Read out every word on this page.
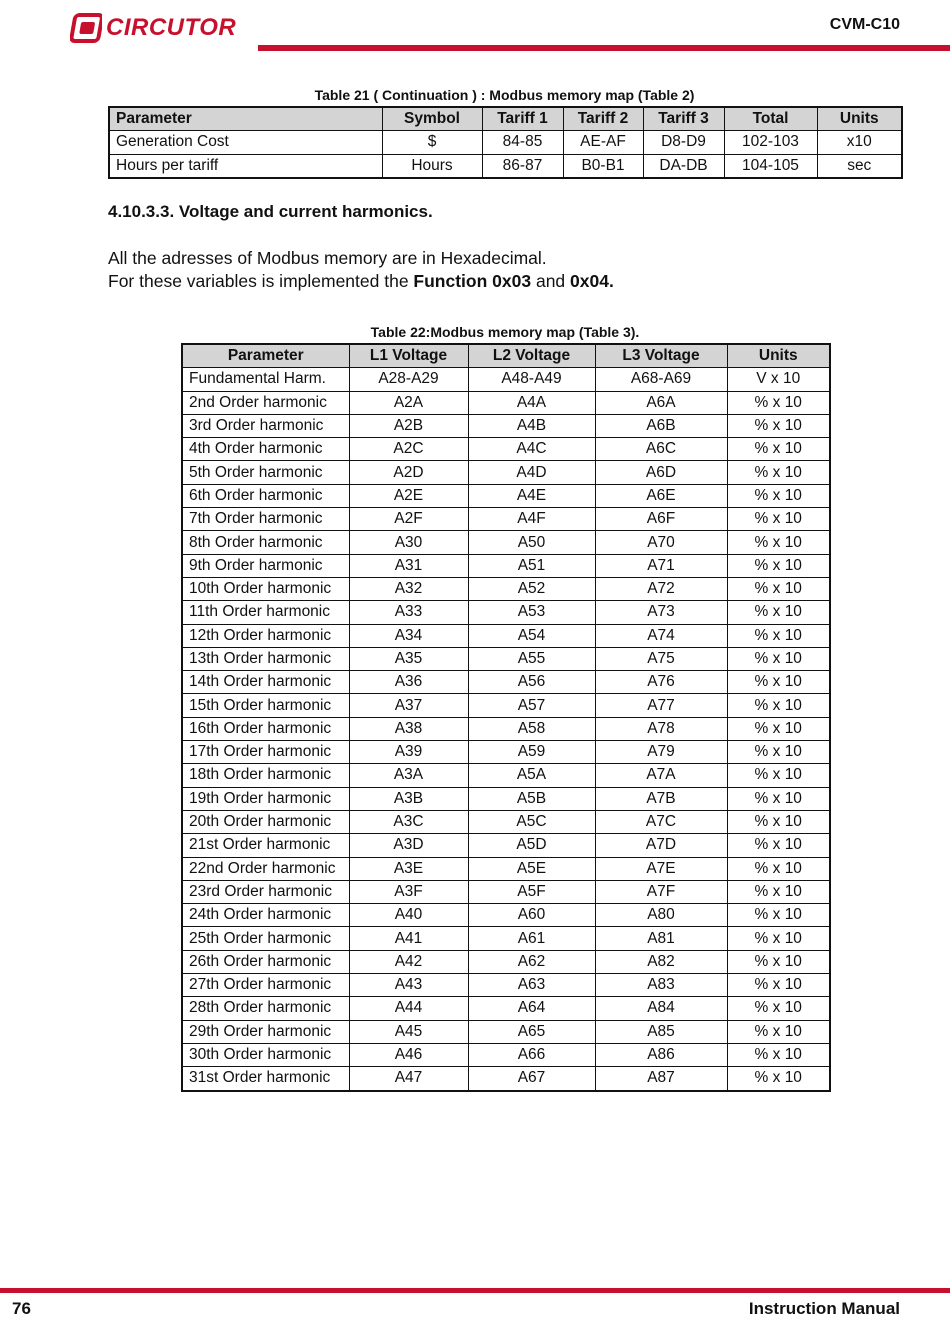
CIRCUTOR	CVM-C10
Table 21 ( Continuation ) : Modbus memory map (Table 2)
Parameter	Symbol	Tariff 1	Tariff 2	Tariff 3	Total	Units
Generation Cost	$	84-85	AE-AF	D8-D9	102-103	x10
Hours per tariff	Hours	86-87	B0-B1	DA-DB	104-105	sec
4.10.3.3. Voltage and current harmonics.
All the adresses of Modbus memory are in Hexadecimal.
For these variables is implemented the Function 0x03 and 0x04.
Table 22:Modbus memory map (Table 3).
Parameter	L1 Voltage	L2 Voltage	L3 Voltage	Units
Fundamental Harm.	A28-A29	A48-A49	A68-A69	V x 10
2nd Order harmonic	A2A	A4A	A6A	% x 10
3rd Order harmonic	A2B	A4B	A6B	% x 10
4th Order harmonic	A2C	A4C	A6C	% x 10
5th Order harmonic	A2D	A4D	A6D	% x 10
6th Order harmonic	A2E	A4E	A6E	% x 10
7th Order harmonic	A2F	A4F	A6F	% x 10
8th Order harmonic	A30	A50	A70	% x 10
9th Order harmonic	A31	A51	A71	% x 10
10th Order harmonic	A32	A52	A72	% x 10
11th Order harmonic	A33	A53	A73	% x 10
12th Order harmonic	A34	A54	A74	% x 10
13th Order harmonic	A35	A55	A75	% x 10
14th Order harmonic	A36	A56	A76	% x 10
15th Order harmonic	A37	A57	A77	% x 10
16th Order harmonic	A38	A58	A78	% x 10
17th Order harmonic	A39	A59	A79	% x 10
18th Order harmonic	A3A	A5A	A7A	% x 10
19th Order harmonic	A3B	A5B	A7B	% x 10
20th Order harmonic	A3C	A5C	A7C	% x 10
21st Order harmonic	A3D	A5D	A7D	% x 10
22nd Order harmonic	A3E	A5E	A7E	% x 10
23rd Order harmonic	A3F	A5F	A7F	% x 10
24th Order harmonic	A40	A60	A80	% x 10
25th Order harmonic	A41	A61	A81	% x 10
26th Order harmonic	A42	A62	A82	% x 10
27th Order harmonic	A43	A63	A83	% x 10
28th Order harmonic	A44	A64	A84	% x 10
29th Order harmonic	A45	A65	A85	% x 10
30th Order harmonic	A46	A66	A86	% x 10
31st Order harmonic	A47	A67	A87	% x 10
76	Instruction Manual
